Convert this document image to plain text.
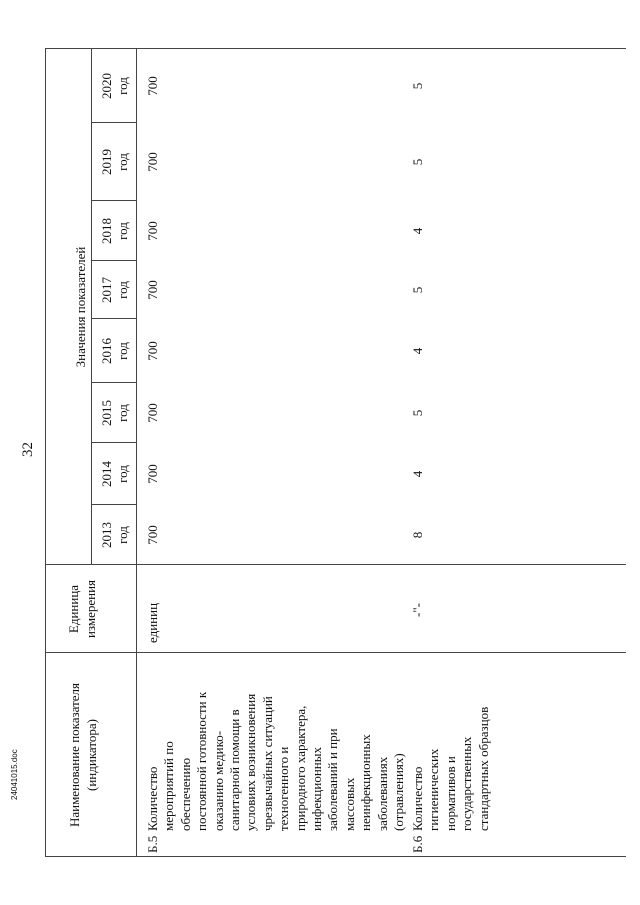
32
Наименование показателя (индикатора)
Единица измерения
Значения показателей
2013 год
2014 год
2015 год
2016 год
2017 год
2018 год
2019 год
2020 год
Б.5
Количество мероприятий по обеспечению постоянной готовности к оказанию медико- санитарной помощи в условиях возникновения чрезвычайных ситуаций техногенного и природного характера, инфекционных заболеваний и при массовых неинфекционных заболеваниях (отравлениях)
единиц
700
700
700
700
700
700
700
700
Б.6
Количество гигиенических нормативов и государственных стандартных образцов
-"-
8
4
5
4
5
4
5
5
24041015.doc
